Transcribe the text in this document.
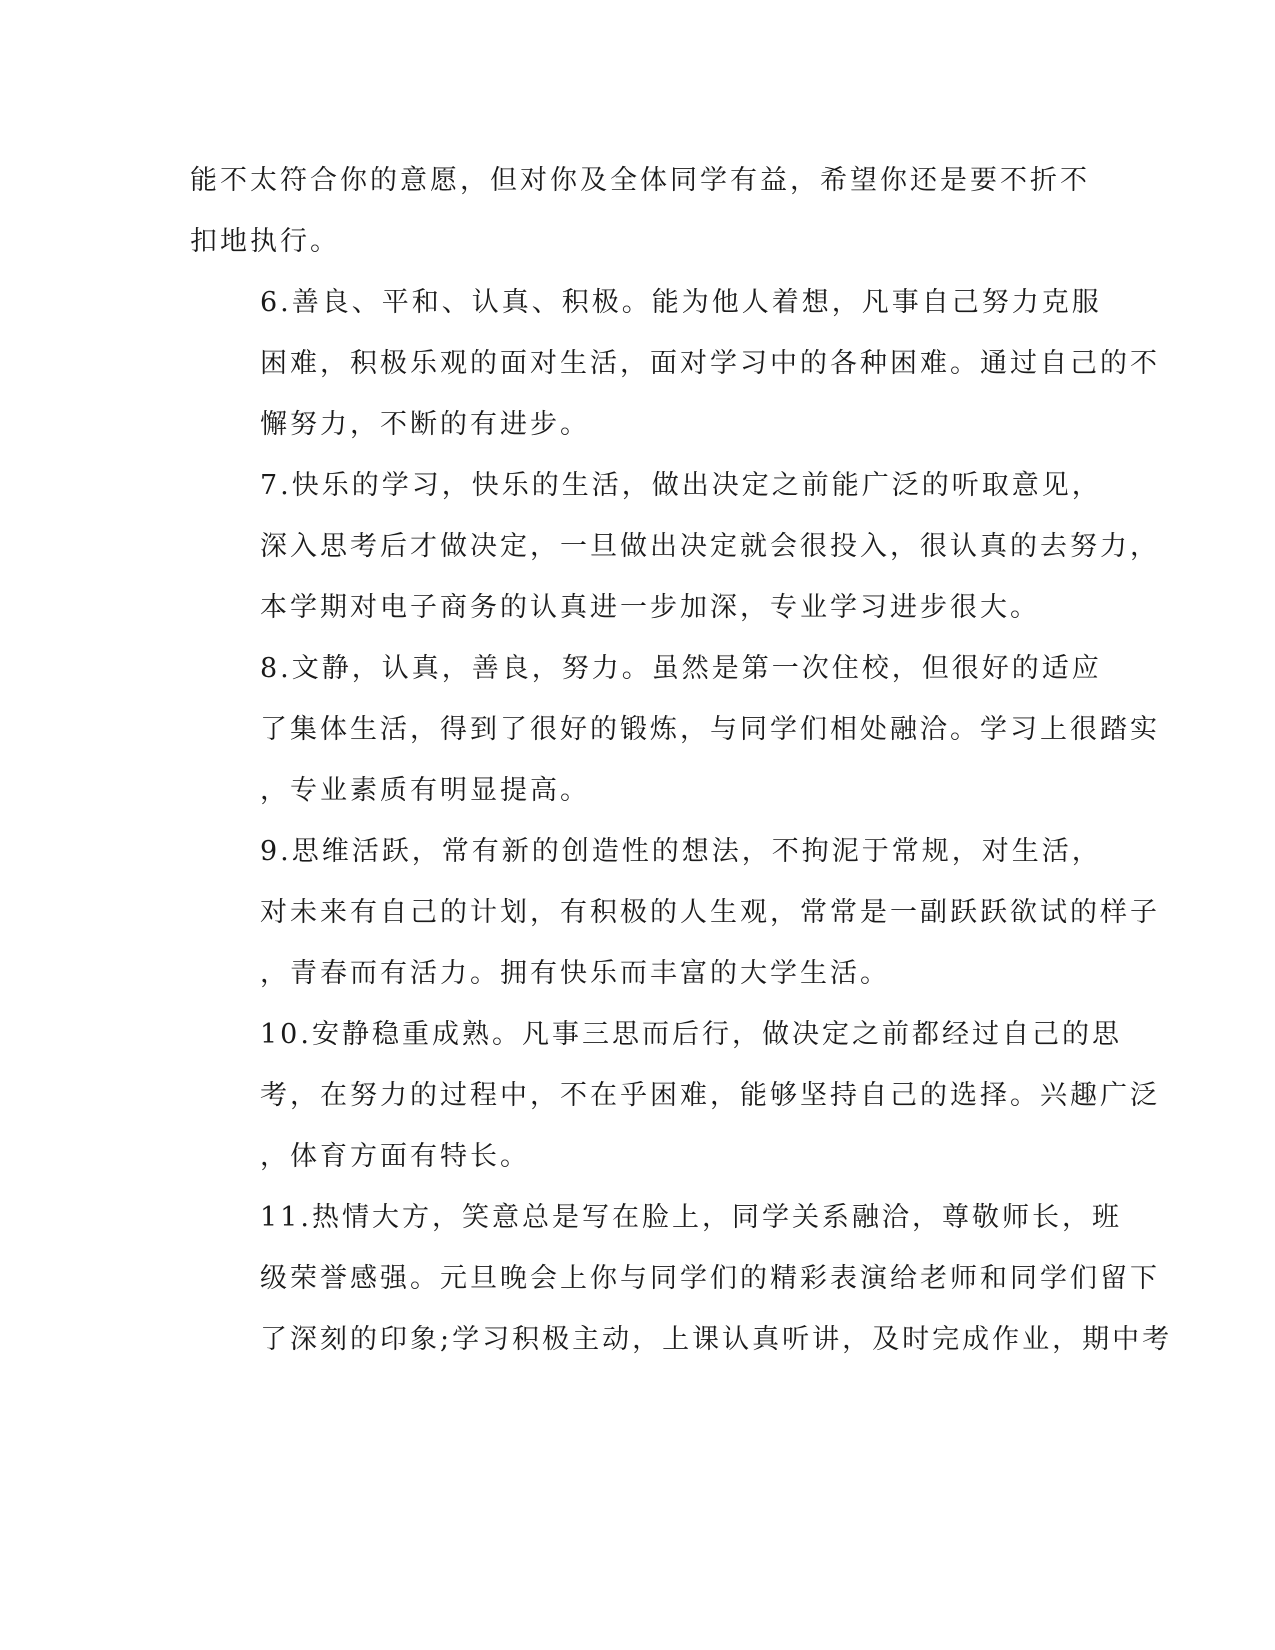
能不太符合你的意愿，但对你及全体同学有益，希望你还是要不折不
扣地执行。

6.善良、平和、认真、积极。能为他人着想，凡事自己努力克服
困难，积极乐观的面对生活，面对学习中的各种困难。通过自己的不
懈努力，不断的有进步。

7.快乐的学习，快乐的生活，做出决定之前能广泛的听取意见，
深入思考后才做决定，一旦做出决定就会很投入，很认真的去努力，
本学期对电子商务的认真进一步加深，专业学习进步很大。

8.文静，认真，善良，努力。虽然是第一次住校，但很好的适应
了集体生活，得到了很好的锻炼，与同学们相处融洽。学习上很踏实
，专业素质有明显提高。

9.思维活跃，常有新的创造性的想法，不拘泥于常规，对生活，
对未来有自己的计划，有积极的人生观，常常是一副跃跃欲试的样子
，青春而有活力。拥有快乐而丰富的大学生活。

10.安静稳重成熟。凡事三思而后行，做决定之前都经过自己的思
考，在努力的过程中，不在乎困难，能够坚持自己的选择。兴趣广泛
，体育方面有特长。

11.热情大方，笑意总是写在脸上，同学关系融洽，尊敬师长，班
级荣誉感强。元旦晚会上你与同学们的精彩表演给老师和同学们留下
了深刻的印象;学习积极主动，上课认真听讲，及时完成作业，期中考
